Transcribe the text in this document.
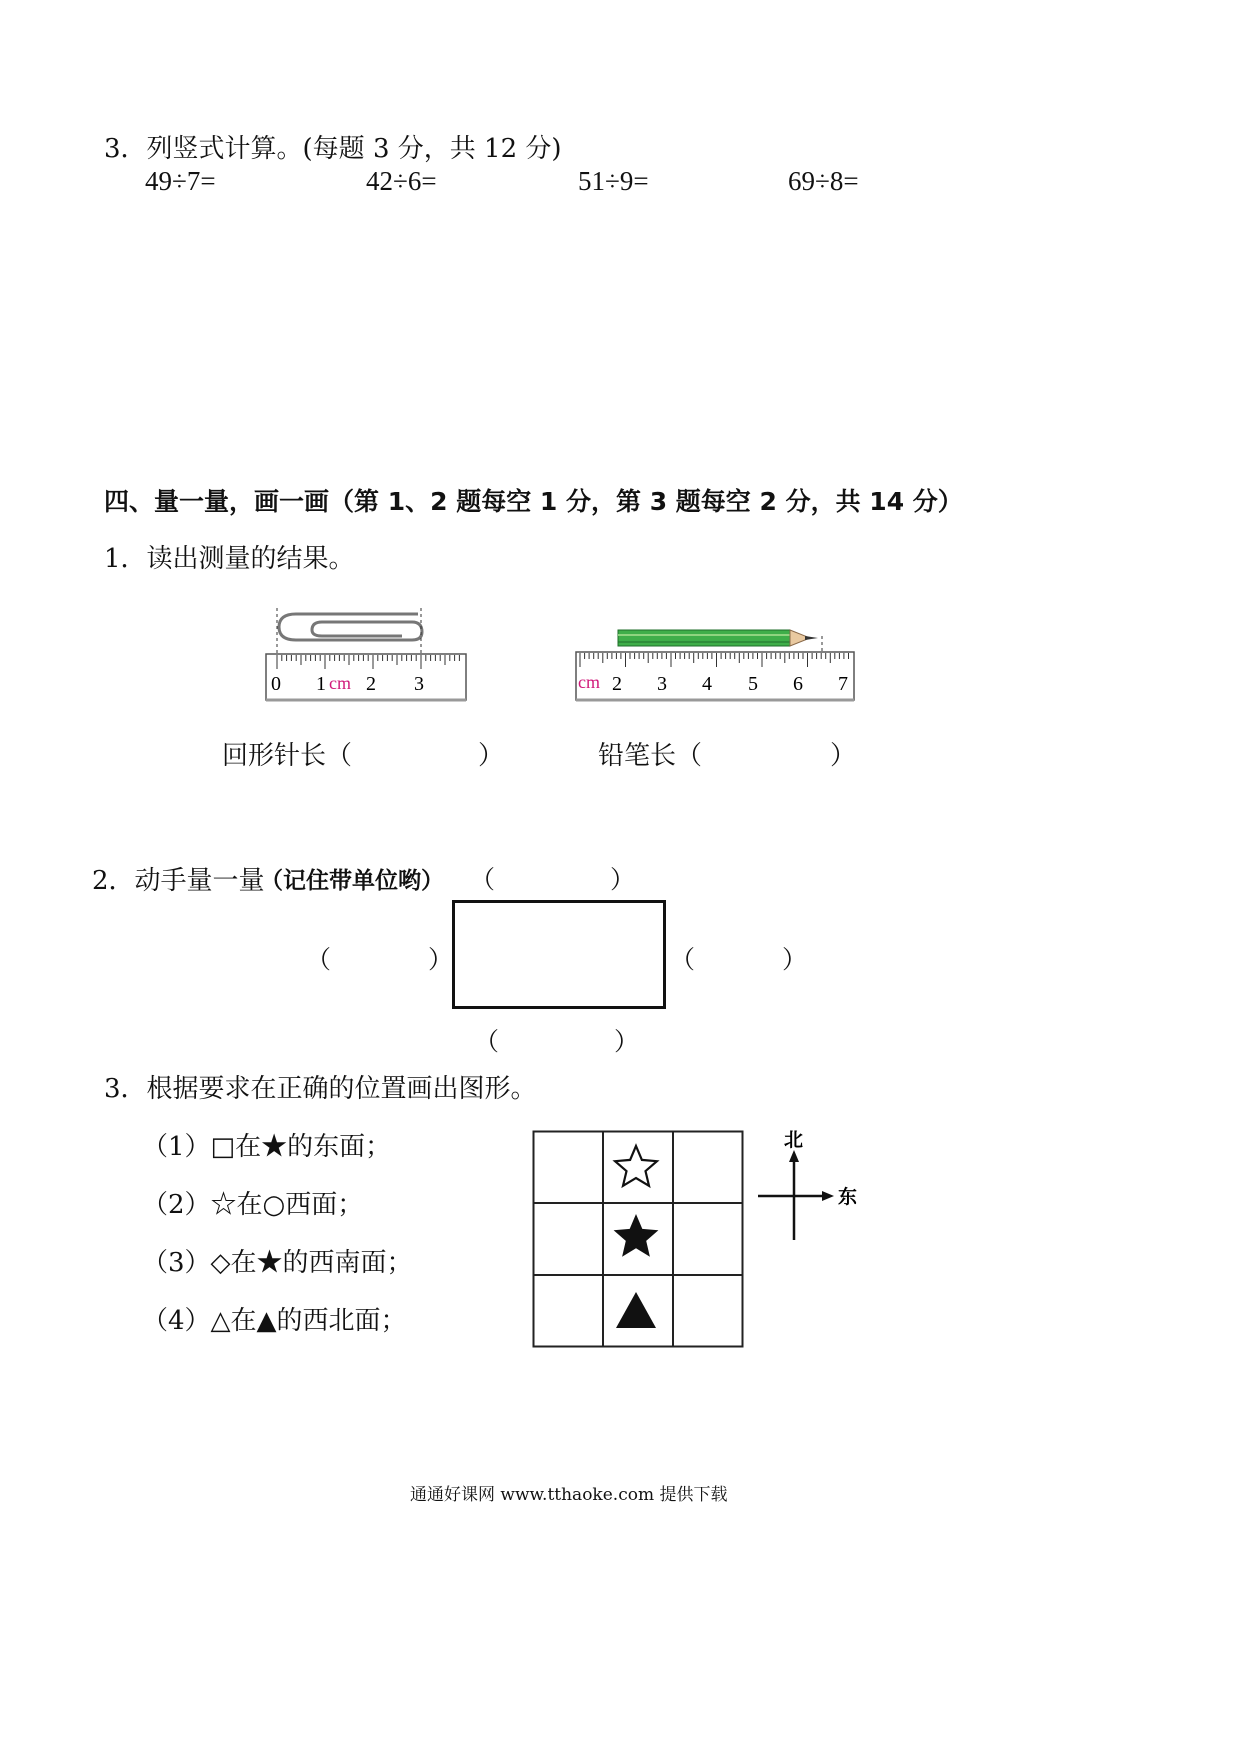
3．列竖式计算。(每题 3 分，共 12 分)
49÷7=	42÷6=	51÷9=	69÷8=
四、量一量，画一画（第 1、2 题每空 1 分，第 3 题每空 2 分，共 14 分）
1．读出测量的结果。
0 1 cm 2 3	cm 2 3 4 5 6 7
回形针长（	）	铅笔长（	）
2．动手量一量
（记住带单位哟） （	）
（	）	（	）
（	）
3．根据要求在正确的位置画出图形。
（1）□在★的东面；
（2）☆在○西面；
（3）◇在★的西南面；
（4）△在▲的西北面；
北
东
通通好课网 www.tthaoke.com 提供下载
